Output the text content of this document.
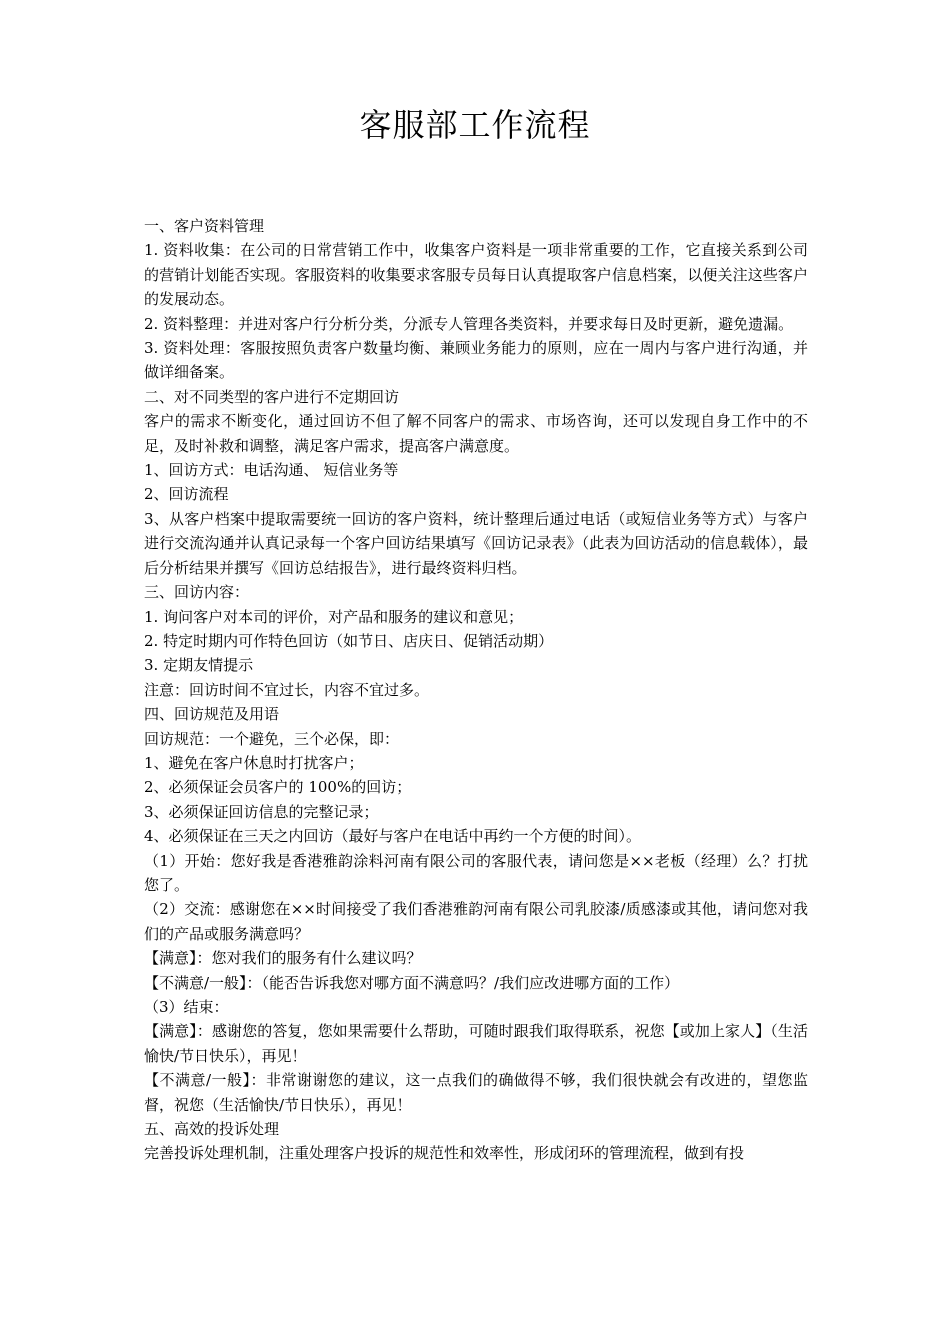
客服部工作流程

一、客户资料管理

1. 资料收集：在公司的日常营销工作中，收集客户资料是一项非常重要的工作，它直接关系到公司的营销计划能否实现。客服资料的收集要求客服专员每日认真提取客户信息档案，以便关注这些客户的发展动态。

2. 资料整理：并进对客户行分析分类，分派专人管理各类资料，并要求每日及时更新，避免遗漏。

3. 资料处理：客服按照负责客户数量均衡、兼顾业务能力的原则，应在一周内与客户进行沟通，并做详细备案。

二、对不同类型的客户进行不定期回访

客户的需求不断变化，通过回访不但了解不同客户的需求、市场咨询，还可以发现自身工作中的不足，及时补救和调整，满足客户需求，提高客户满意度。

1、回访方式：电话沟通、 短信业务等

2、回访流程

3、从客户档案中提取需要统一回访的客户资料，统计整理后通过电话（或短信业务等方式）与客户进行交流沟通并认真记录每一个客户回访结果填写《回访记录表》（此表为回访活动的信息载体），最后分析结果并撰写《回访总结报告》，进行最终资料归档。

三、回访内容：

1. 询问客户对本司的评价，对产品和服务的建议和意见；

2. 特定时期内可作特色回访（如节日、店庆日、促销活动期）

3. 定期友情提示

注意：回访时间不宜过长，内容不宜过多。

四、回访规范及用语

回访规范：一个避免，三个必保，即：

1、避免在客户休息时打扰客户；

2、必须保证会员客户的 100%的回访；

3、必须保证回访信息的完整记录；

4、必须保证在三天之内回访（最好与客户在电话中再约一个方便的时间）。

（1）开始：您好我是香港雅韵涂料河南有限公司的客服代表，请问您是××老板（经理）么？打扰您了。

（2）交流：感谢您在××时间接受了我们香港雅韵河南有限公司乳胶漆/质感漆或其他，请问您对我们的产品或服务满意吗？

【满意】：您对我们的服务有什么建议吗？

【不满意/一般】：（能否告诉我您对哪方面不满意吗？/我们应改进哪方面的工作）

（3）结束：

【满意】：感谢您的答复，您如果需要什么帮助，可随时跟我们取得联系，祝您【或加上家人】（生活愉快/节日快乐），再见！

【不满意/一般】：非常谢谢您的建议，这一点我们的确做得不够，我们很快就会有改进的，望您监督，祝您（生活愉快/节日快乐），再见！

五、高效的投诉处理

完善投诉处理机制，注重处理客户投诉的规范性和效率性，形成闭环的管理流程，做到有投
